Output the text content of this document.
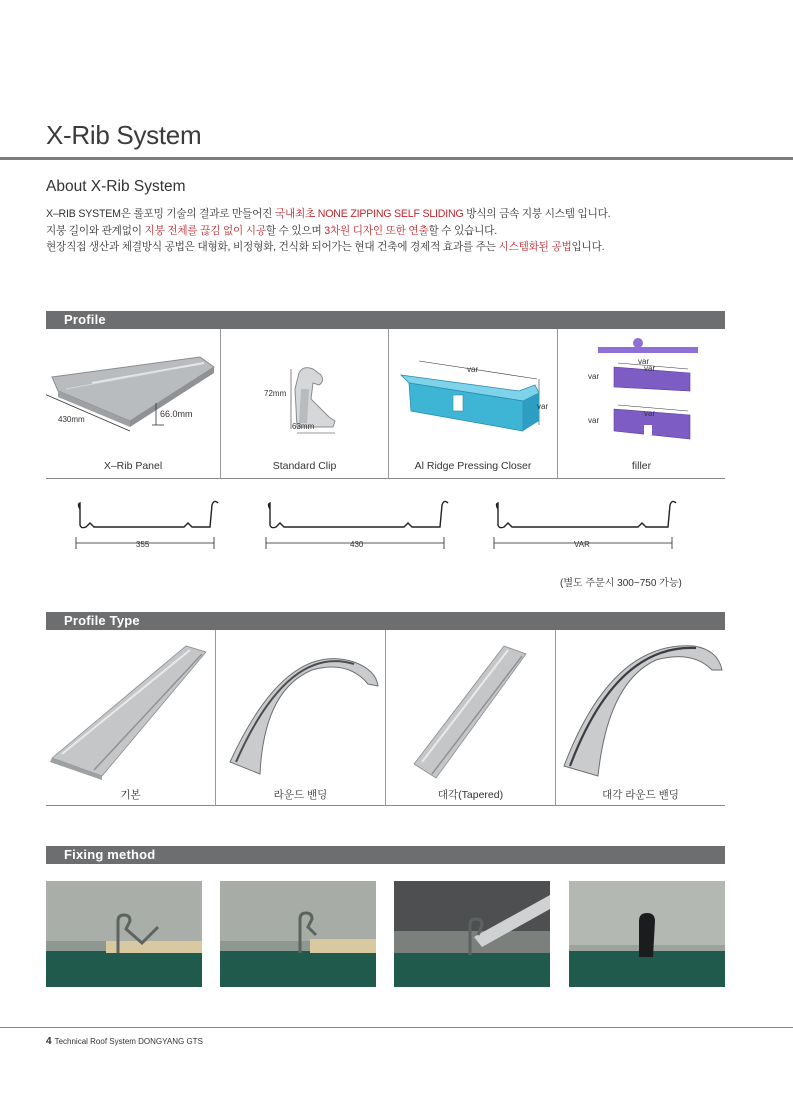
X-Rib System
About X-Rib System
X–RIB SYSTEM은 롤포밍 기술의 결과로 만들어진 국내최초 NONE ZIPPING SELF SLIDING 방식의 금속 지붕 시스템 입니다.
지붕 길이와 관계없이 지붕 전체를 끊김 없이 시공할 수 있으며 3차원 디자인 또한 연출할 수 있습니다.
현장직접 생산과 체결방식 공법은 대형화, 비정형화, 건식화 되어가는 현대 건축에 경제적 효과를 주는 시스템화된 공법입니다.
Profile
430mm
66.0mm
X–Rib Panel
72mm
63mm
Standard Clip
var
var
Al Ridge Pressing Closer
var
var
var
var
var
filler
355	430	VAR
(별도 주문시 300~750 가능)
Profile Type
기본	라운드 밴딩	대각(Tapered)	대각 라운드 밴딩
Fixing method
4 Technical Roof System DONGYANG GTS
